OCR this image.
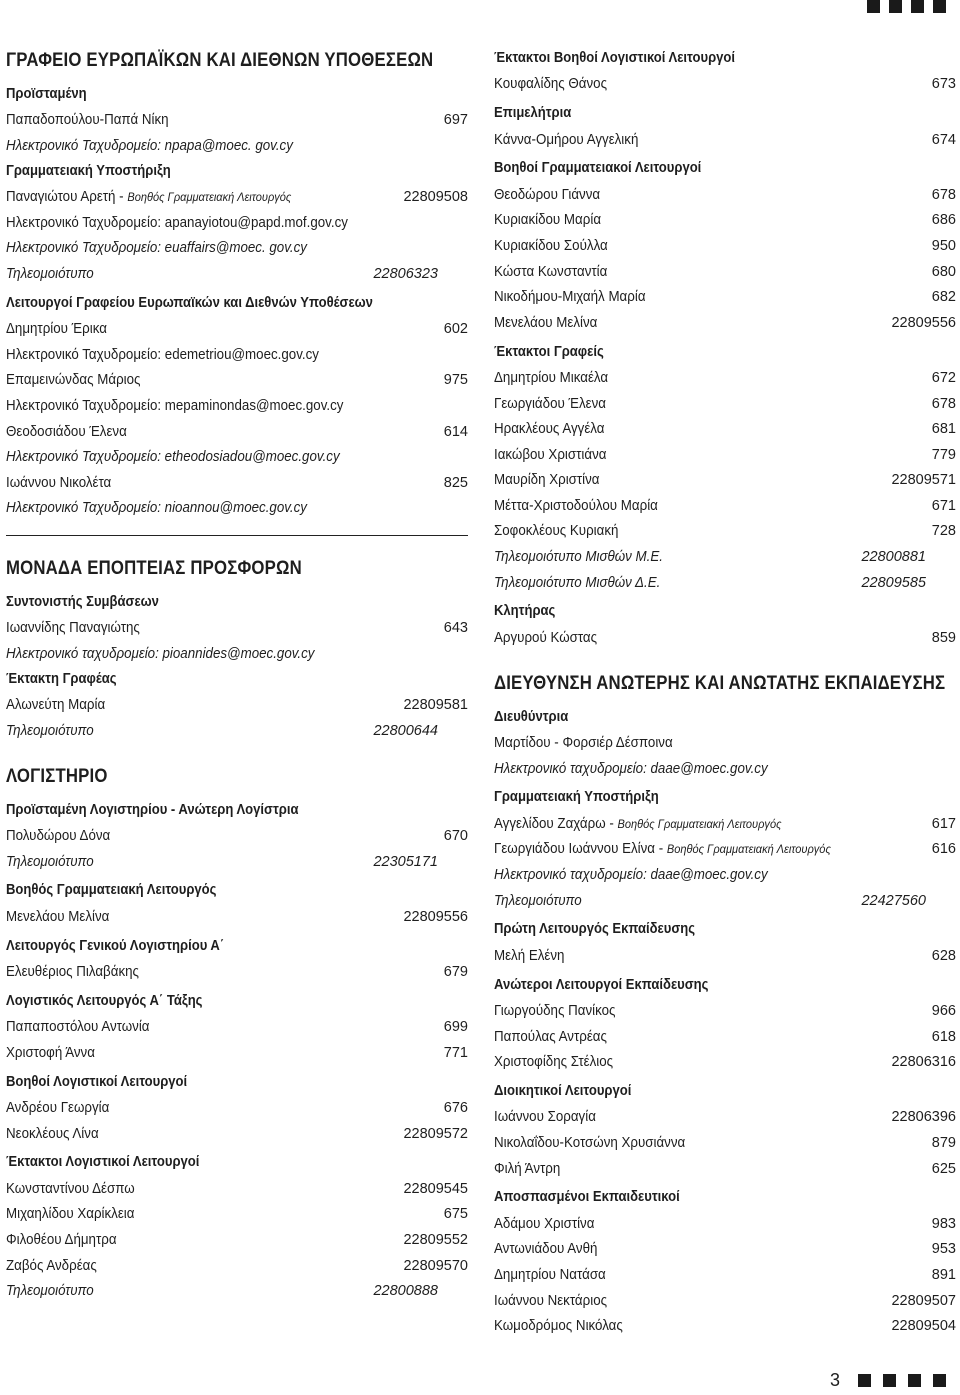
ΓΡΑΦΕΙΟ ΕΥΡΩΠΑΪΚΩΝ ΚΑΙ ΔΙΕΘΝΩΝ ΥΠΟΘΕΣΕΩΝ
Προϊσταμένη
Παπαδοπούλου-Παπά Νίκη	697
Ηλεκτρονικό Ταχυδρομείο: npapa@moec. gov.cy
Γραμματειακή Υποστήριξη
Παναγιώτου Αρετή - Βοηθός Γραμματειακή Λειτουργός	22809508
Ηλεκτρονικό Ταχυδρομείο: apanayiotou@papd.mof.gov.cy
Ηλεκτρονικό Ταχυδρομείο: euaffairs@moec. gov.cy
Τηλεομοιότυπο	22806323
Λειτουργοί Γραφείου Ευρωπαϊκών και Διεθνών Υποθέσεων
Δημητρίου Έρικα	602
Ηλεκτρονικό Ταχυδρομείο: edemetriou@moec.gov.cy
Επαμεινώνδας Μάριος	975
Ηλεκτρονικό Ταχυδρομείο: mepaminondas@moec.gov.cy
Θεοδοσιάδου Έλενα	614
Ηλεκτρονικό Ταχυδρομείο: etheodosiadou@moec.gov.cy
Ιωάννου Νικολέτα	825
Ηλεκτρονικό Ταχυδρομείο: nioannou@moec.gov.cy
ΜΟΝΑΔΑ ΕΠΟΠΤΕΙΑΣ ΠΡΟΣΦΟΡΩΝ
Συντονιστής Συμβάσεων
Ιωαννίδης Παναγιώτης	643
Ηλεκτρονικό ταχυδρομείο: pioannides@moec.gov.cy
Έκτακτη Γραφέας
Αλωνεύτη Μαρία	22809581
Τηλεομοιότυπο	22800644
ΛΟΓΙΣΤΗΡΙΟ
Προϊσταμένη Λογιστηρίου - Ανώτερη Λογίστρια
Πολυδώρου Δόνα	670
Τηλεομοιότυπο	22305171
Βοηθός Γραμματειακή Λειτουργός
Μενελάου Μελίνα	22809556
Λειτουργός Γενικού Λογιστηρίου Α΄
Ελευθέριος Πιλαβάκης	679
Λογιστικός Λειτουργός Α΄ Τάξης
Παπαποστόλου Αντωνία	699
Χριστοφή Άννα	771
Βοηθοί Λογιστικοί Λειτουργοί
Ανδρέου Γεωργία	676
Νεοκλέους Λίνα	22809572
Έκτακτοι Λογιστικοί Λειτουργοί
Κωνσταντίνου Δέσπω	22809545
Μιχαηλίδου Χαρίκλεια	675
Φιλοθέου Δήμητρα	22809552
Ζαβός Ανδρέας	22809570
Τηλεομοιότυπο	22800888
Έκτακτοι Βοηθοί Λογιστικοί Λειτουργοί
Κουφαλίδης Θάνος	673
Επιμελήτρια
Κάννα-Ομήρου Αγγελική	674
Βοηθοί Γραμματειακοί Λειτουργοί
Θεοδώρου Γιάννα	678
Κυριακίδου Μαρία	686
Κυριακίδου Σούλλα	950
Κώστα Κωνσταντία	680
Νικοδήμου-Μιχαήλ Μαρία	682
Μενελάου Μελίνα	22809556
Έκτακτοι Γραφείς
Δημητρίου Μικαέλα	672
Γεωργιάδου Έλενα	678
Ηρακλέους Αγγέλα	681
Ιακώβου Χριστιάνα	779
Μαυρίδη Χριστίνα	22809571
Μέττα-Χριστοδούλου Μαρία	671
Σοφοκλέους Κυριακή	728
Τηλεομοιότυπο Μισθών Μ.Ε.	22800881
Τηλεομοιότυπο Μισθών Δ.Ε.	22809585
Κλητήρας
Αργυρού Κώστας	859
ΔΙΕΥΘΥΝΣΗ ΑΝΩΤΕΡΗΣ ΚΑΙ ΑΝΩΤΑΤΗΣ ΕΚΠΑΙΔΕΥΣΗΣ
Διευθύντρια
Μαρτίδου - Φορσιέρ Δέσποινα
Ηλεκτρονικό ταχυδρομείο: daae@moec.gov.cy
Γραμματειακή Υποστήριξη
Αγγελίδου Ζαχάρω - Βοηθός Γραμματειακή Λειτουργός	617
Γεωργιάδου Ιωάννου Ελίνα - Βοηθός Γραμματειακή Λειτουργός	616
Ηλεκτρονικό ταχυδρομείο: daae@moec.gov.cy
Τηλεομοιότυπο	22427560
Πρώτη Λειτουργός Εκπαίδευσης
Μελή Ελένη	628
Ανώτεροι Λειτουργοί Εκπαίδευσης
Γιωργούδης Πανίκος	966
Παπούλας Αντρέας	618
Χριστοφίδης Στέλιος	22806316
Διοικητικοί Λειτουργοί
Ιωάννου Σοραγία	22806396
Νικολαΐδου-Κοτσώνη Χρυσιάννα	879
Φιλή Άντρη	625
Αποσπασμένοι Εκπαιδευτικοί
Αδάμου Χριστίνα	983
Αντωνιάδου Ανθή	953
Δημητρίου Νατάσα	891
Ιωάννου Νεκτάριος	22809507
Κωμοδρόμος Νικόλας	22809504
3
